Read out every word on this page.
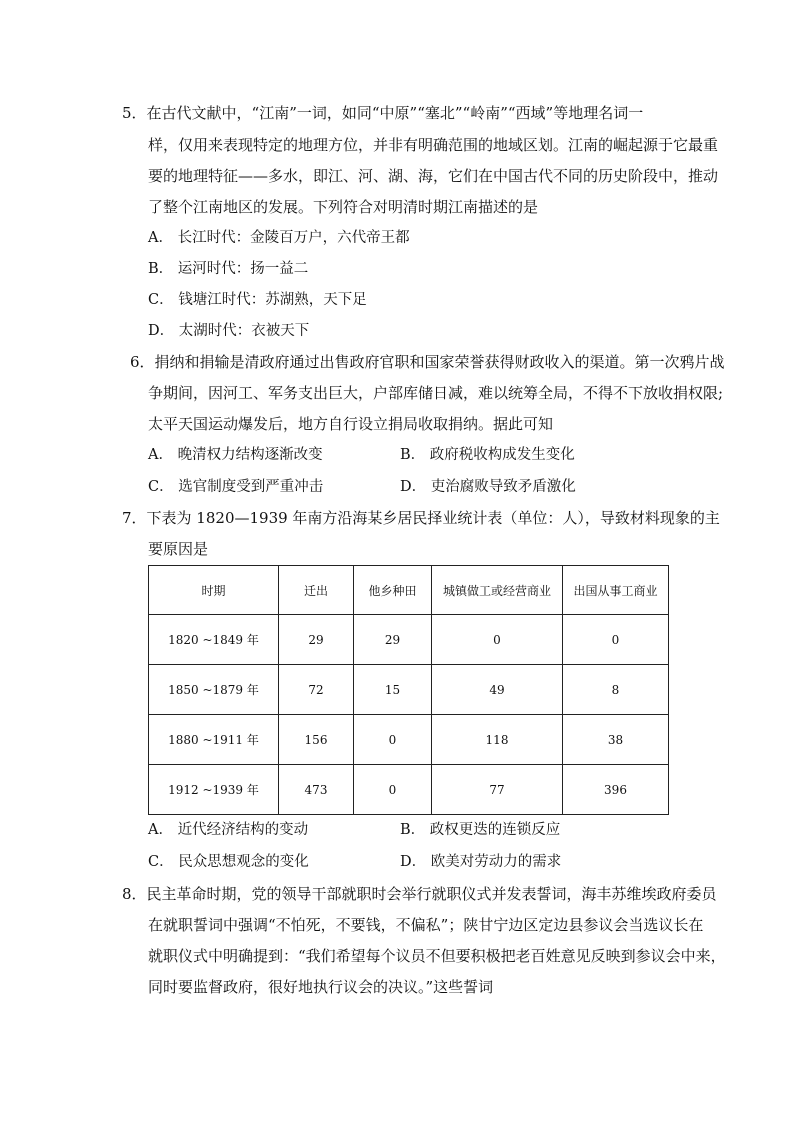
5．在古代文献中，“江南”一词，如同“中原”“塞北”“岭南”“西域”等地理名词一
样，仅用来表现特定的地理方位，并非有明确范围的地域区划。江南的崛起源于它最重
要的地理特征——多水，即江、河、湖、海，它们在中国古代不同的历史阶段中，推动
了整个江南地区的发展。下列符合对明清时期江南描述的是
A． 长江时代：金陵百万户，六代帝王都
B． 运河时代：扬一益二
C． 钱塘江时代：苏湖熟，天下足
D． 太湖时代：衣被天下
6．捐纳和捐输是清政府通过出售政府官职和国家荣誉获得财政收入的渠道。第一次鸦片战
争期间，因河工、军务支出巨大，户部库储日减，难以统筹全局，不得不下放收捐权限;
太平天国运动爆发后，地方自行设立捐局收取捐纳。据此可知
A． 晚清权力结构逐渐改变	B． 政府税收构成发生变化
C． 选官制度受到严重冲击	D． 吏治腐败导致矛盾激化
7．下表为 1820—1939 年南方沿海某乡居民择业统计表（单位：人），导致材料现象的主
要原因是
时期	迁出	他乡种田	城镇做工或经营商业	出国从事工商业
1820 ~1849 年	29	29	0	0
1850 ~1879 年	72	15	49	8
1880 ~1911 年	156	0	118	38
1912 ~1939 年	473	0	77	396
A． 近代经济结构的变动	B． 政权更迭的连锁反应
C． 民众思想观念的变化	D． 欧美对劳动力的需求
8．民主革命时期，党的领导干部就职时会举行就职仪式并发表誓词，海丰苏维埃政府委员
在就职誓词中强调“不怕死，不要钱，不偏私”；陕甘宁边区定边县参议会当选议长在
就职仪式中明确提到：“我们希望每个议员不但要积极把老百姓意见反映到参议会中来，
同时要监督政府，很好地执行议会的决议。”这些誓词
